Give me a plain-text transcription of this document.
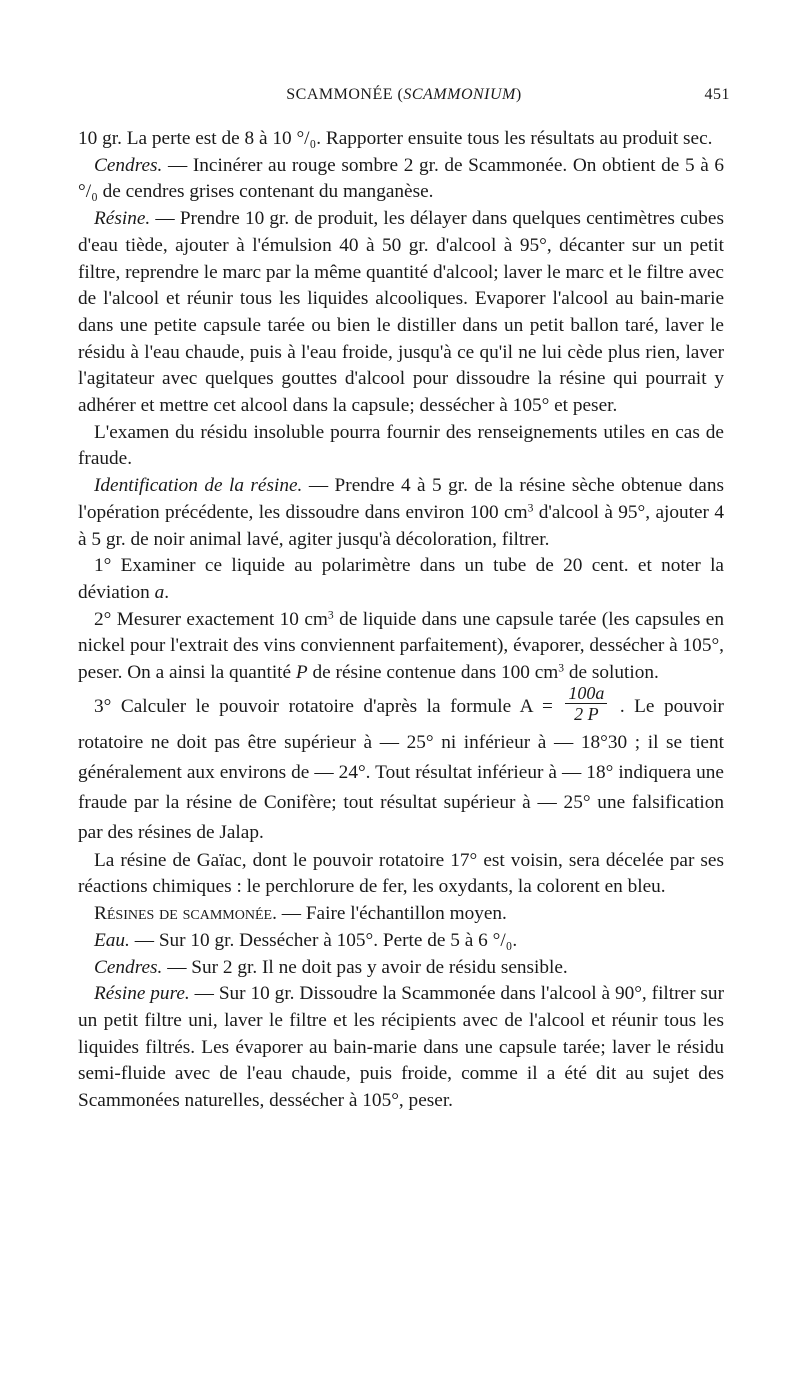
SCAMMONÉE (SCAMMONIUM)	451

10 gr. La perte est de 8 à 10 °/₀. Rapporter ensuite tous les résultats au produit sec.

Cendres. — Incinérer au rouge sombre 2 gr. de Scammonée. On obtient de 5 à 6 °/₀ de cendres grises contenant du manganèse.

Résine. — Prendre 10 gr. de produit, les délayer dans quelques centimètres cubes d'eau tiède, ajouter à l'émulsion 40 à 50 gr. d'alcool à 95°, décanter sur un petit filtre, reprendre le marc par la même quantité d'alcool; laver le marc et le filtre avec de l'alcool et réunir tous les liquides alcooliques. Evaporer l'alcool au bain-marie dans une petite capsule tarée ou bien le distiller dans un petit ballon taré, laver le résidu à l'eau chaude, puis à l'eau froide, jusqu'à ce qu'il ne lui cède plus rien, laver l'agitateur avec quelques gouttes d'alcool pour dissoudre la résine qui pourrait y adhérer et mettre cet alcool dans la capsule; dessécher à 105° et peser.

L'examen du résidu insoluble pourra fournir des renseignements utiles en cas de fraude.

Identification de la résine. — Prendre 4 à 5 gr. de la résine sèche obtenue dans l'opération précédente, les dissoudre dans environ 100 $cm^3$ d'alcool à 95°, ajouter 4 à 5 gr. de noir animal lavé, agiter jusqu'à décoloration, filtrer.

1° Examiner ce liquide au polarimètre dans un tube de 20 cent. et noter la déviation a.

2° Mesurer exactement 10 $cm^3$ de liquide dans une capsule tarée (les capsules en nickel pour l'extrait des vins conviennent parfaitement), évaporer, dessécher à 105°, peser. On a ainsi la quantité P de résine contenue dans 100 $cm^3$ de solution.

3° Calculer le pouvoir rotatoire d'après la formule $A = \frac{100a}{2 P}$ . Le pouvoir rotatoire ne doit pas être supérieur à — 25° ni inférieur à — 18°30 ; il se tient généralement aux environs de — 24°. Tout résultat inférieur à — 18° indiquera une fraude par la résine de Conifère; tout résultat supérieur à — 25° une falsification par des résines de Jalap.

La résine de Gaïac, dont le pouvoir rotatoire 17° est voisin, sera décelée par ses réactions chimiques : le perchlorure de fer, les oxydants, la colorent en bleu.

Résines de scammonée. — Faire l'échantillon moyen.

Eau. — Sur 10 gr. Dessécher à 105°. Perte de 5 à 6 °/₀.

Cendres. — Sur 2 gr. Il ne doit pas y avoir de résidu sensible.

Résine pure. — Sur 10 gr. Dissoudre la Scammonée dans l'alcool à 90°, filtrer sur un petit filtre uni, laver le filtre et les récipients avec de l'alcool et réunir tous les liquides filtrés. Les évaporer au bain-marie dans une capsule tarée; laver le résidu semi-fluide avec de l'eau chaude, puis froide, comme il a été dit au sujet des Scammonées naturelles, dessécher à 105°, peser.
